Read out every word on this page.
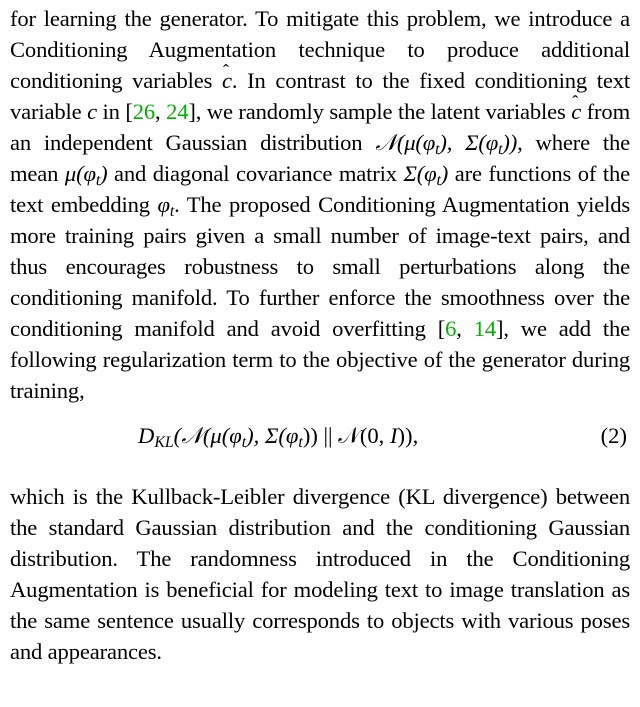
for learning the generator. To mitigate this problem, we introduce a Conditioning Augmentation technique to produce additional conditioning variables ˆ c. In contrast to the fixed conditioning text variable c in [26, 24], we randomly sample the latent variables ˆ c from an independent Gaussian distribution $𝒩(\mu(\varphi_t)$, $\Sigma(\varphi_t)$), where the mean $\mu(\varphi_t)$ and diagonal covariance matrix $\Sigma(\varphi_t)$ are functions of the text embedding $\varphi_t$. The proposed Conditioning Augmentation yields more training pairs given a small number of image-text pairs, and thus encourages robustness to small perturbations along the conditioning manifold. To further enforce the smoothness over the conditioning manifold and avoid overfitting [6, 14], we add the following regularization term to the objective of the generator during training,

$D_{KL}(𝒩(\mu(\varphi_t)$, $\Sigma(\varphi_t)$) || 𝒩(0, I)),	(2)

which is the Kullback-Leibler divergence (KL divergence) between the standard Gaussian distribution and the conditioning Gaussian distribution. The randomness introduced in the Conditioning Augmentation is beneficial for modeling text to image translation as the same sentence usually corresponds to objects with various poses and appearances.
